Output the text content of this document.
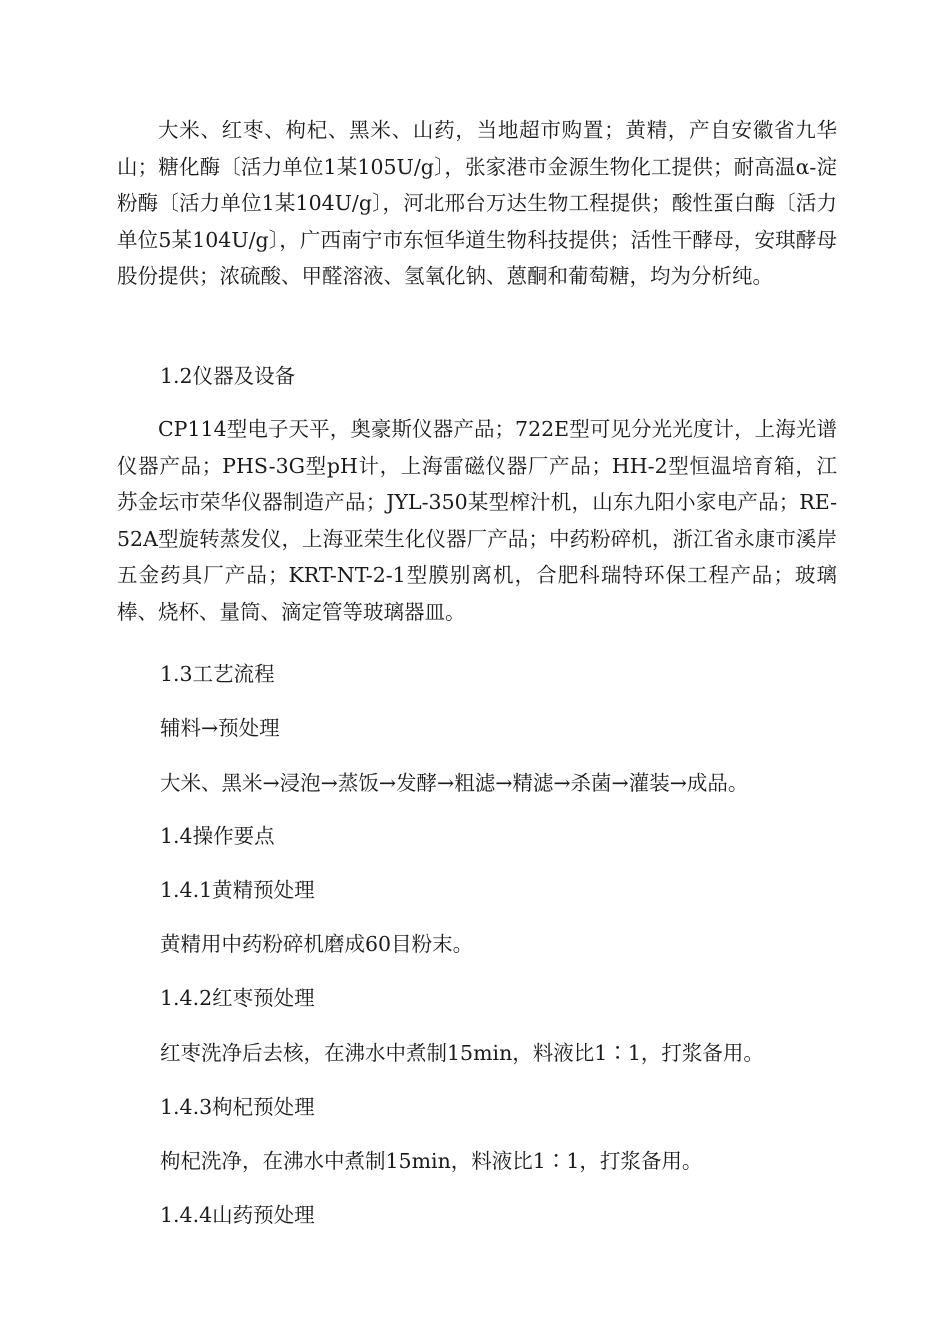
大米、红枣、枸杞、黑米、山药，当地超市购置；黄精，产自安徽省九华山；糖化酶〔活力单位1某105U/g〕，张家港市金源生物化工提供；耐高温α-淀粉酶〔活力单位1某104U/g〕，河北邢台万达生物工程提供；酸性蛋白酶〔活力单位5某104U/g〕，广西南宁市东恒华道生物科技提供；活性干酵母，安琪酵母股份提供；浓硫酸、甲醛溶液、氢氧化钠、蒽酮和葡萄糖，均为分析纯。

1.2仪器及设备

CP114型电子天平，奥豪斯仪器产品；722E型可见分光光度计，上海光谱仪器产品；PHS-3G型pH计，上海雷磁仪器厂产品；HH-2型恒温培育箱，江苏金坛市荣华仪器制造产品；JYL-350某型榨汁机，山东九阳小家电产品；RE-52A型旋转蒸发仪，上海亚荣生化仪器厂产品；中药粉碎机，浙江省永康市溪岸五金药具厂产品；KRT-NT-2-1型膜别离机，合肥科瑞特环保工程产品；玻璃棒、烧杯、量筒、滴定管等玻璃器皿。

1.3工艺流程

辅料→预处理

大米、黑米→浸泡→蒸饭→发酵→粗滤→精滤→杀菌→灌装→成品。

1.4操作要点

1.4.1黄精预处理

黄精用中药粉碎机磨成60目粉末。

1.4.2红枣预处理

红枣洗净后去核，在沸水中煮制15min，料液比1∶1，打浆备用。

1.4.3枸杞预处理

枸杞洗净，在沸水中煮制15min，料液比1∶1，打浆备用。

1.4.4山药预处理
